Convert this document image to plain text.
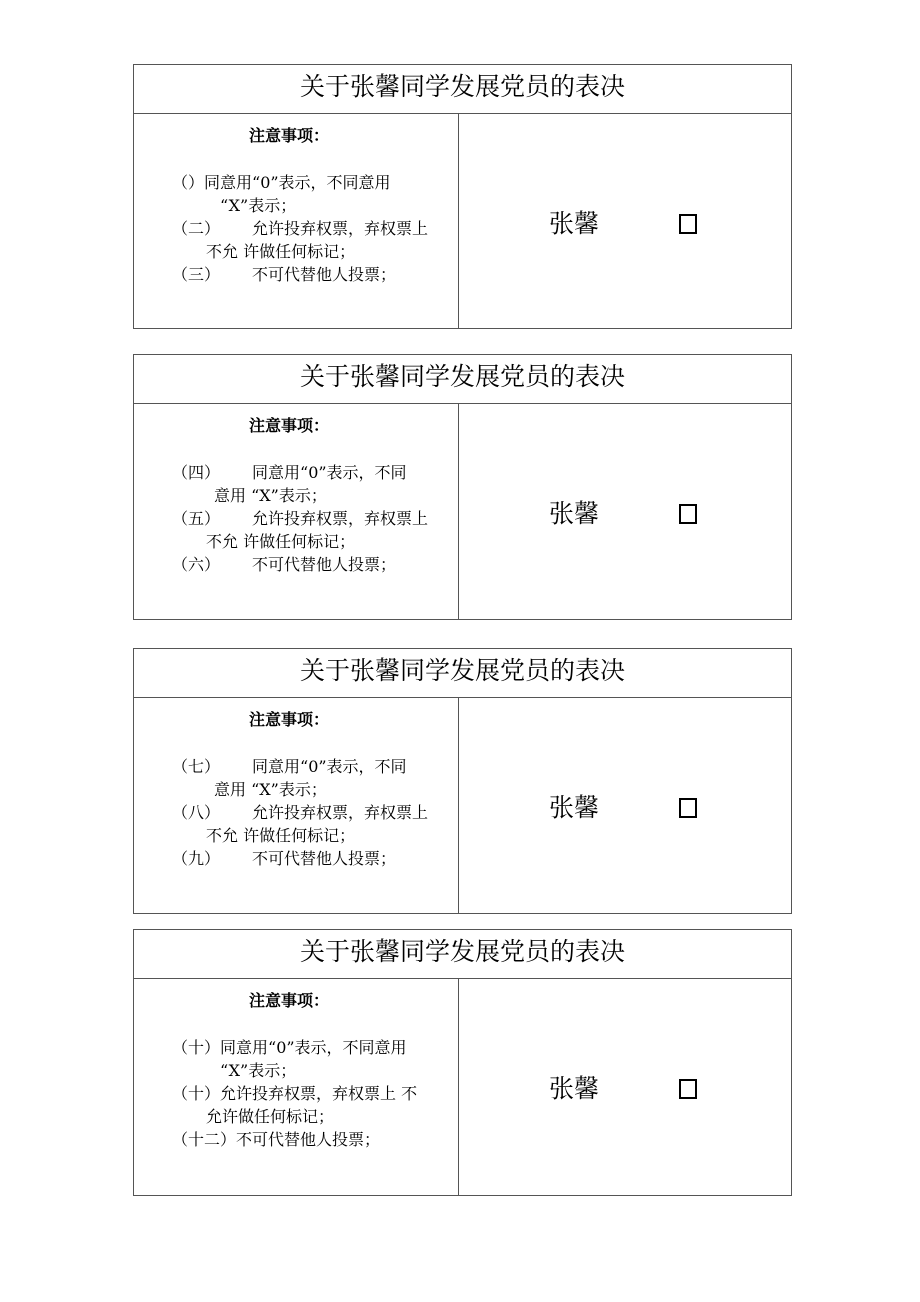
关于张馨同学发展党员的表决
注意事项：
（）同意用“0”表示，不同意用
“X”表示；
（二） 允许投弃权票，弃权票上
不允 许做任何标记；
（三） 不可代替他人投票；
张馨
关于张馨同学发展党员的表决
注意事项：
（四） 同意用“0”表示，不同
意用 “X”表示；
（五） 允许投弃权票，弃权票上
不允 许做任何标记；
（六） 不可代替他人投票；
张馨
关于张馨同学发展党员的表决
注意事项：
（七） 同意用“0”表示，不同
意用 “X”表示；
（八） 允许投弃权票，弃权票上
不允 许做任何标记；
（九） 不可代替他人投票；
张馨
关于张馨同学发展党员的表决
注意事项：
（十）同意用“0”表示，不同意用
“X”表示；
（十）允许投弃权票，弃权票上 不
允许做任何标记；
（十二）不可代替他人投票；
张馨
